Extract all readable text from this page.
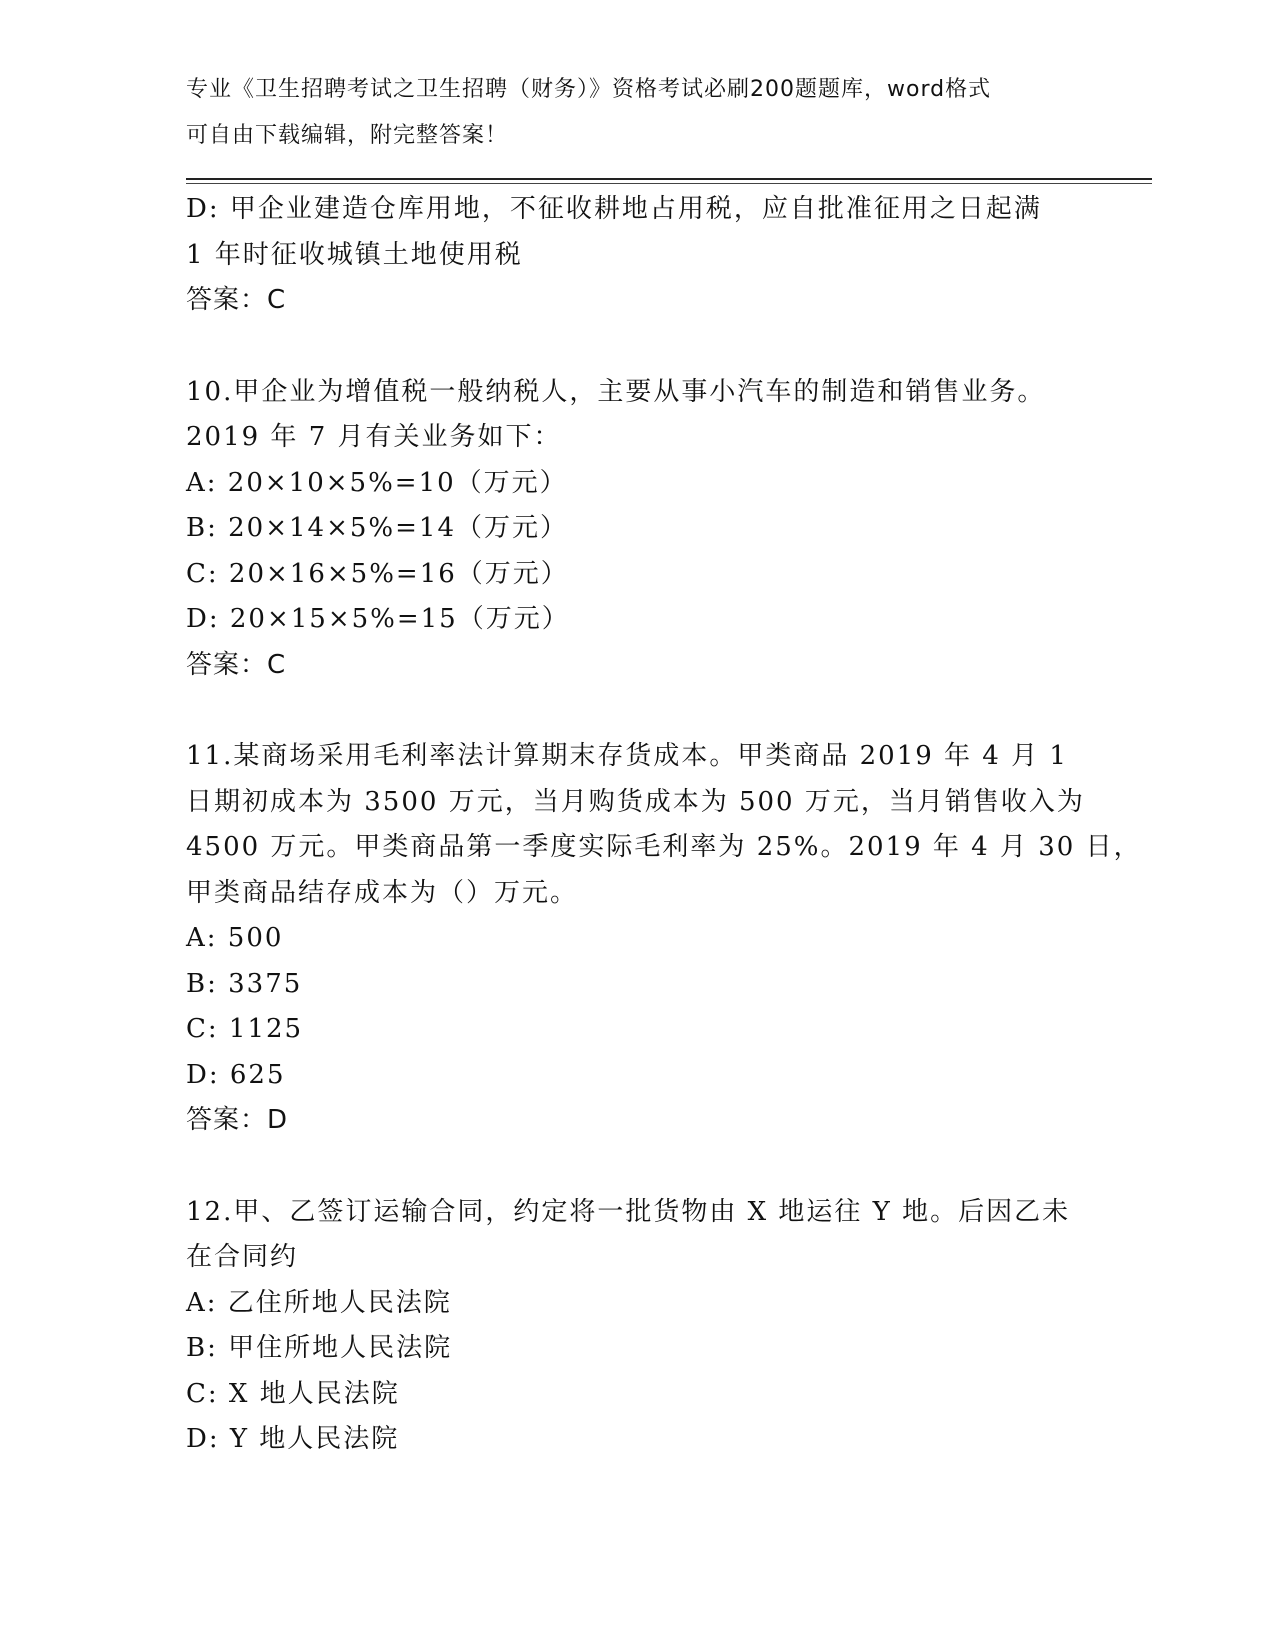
专业《卫生招聘考试之卫生招聘（财务）》资格考试必刷200题题库，word格式
可自由下载编辑，附完整答案！
D: 甲企业建造仓库用地，不征收耕地占用税，应自批准征用之日起满
1 年时征收城镇土地使用税
答案：C
10.甲企业为增值税一般纳税人，主要从事小汽车的制造和销售业务。
2019 年 7 月有关业务如下：
A: 20×10×5%=10（万元）
B: 20×14×5%=14（万元）
C: 20×16×5%=16（万元）
D: 20×15×5%=15（万元）
答案：C
11.某商场采用毛利率法计算期末存货成本。甲类商品 2019 年 4 月 1
日期初成本为 3500 万元，当月购货成本为 500 万元，当月销售收入为
4500 万元。甲类商品第一季度实际毛利率为 25%。2019 年 4 月 30 日，
甲类商品结存成本为（）万元。
A: 500
B: 3375
C: 1125
D: 625
答案：D
12.甲、乙签订运输合同，约定将一批货物由 X 地运往 Y 地。后因乙未
在合同约
A: 乙住所地人民法院
B: 甲住所地人民法院
C: X 地人民法院
D: Y 地人民法院
